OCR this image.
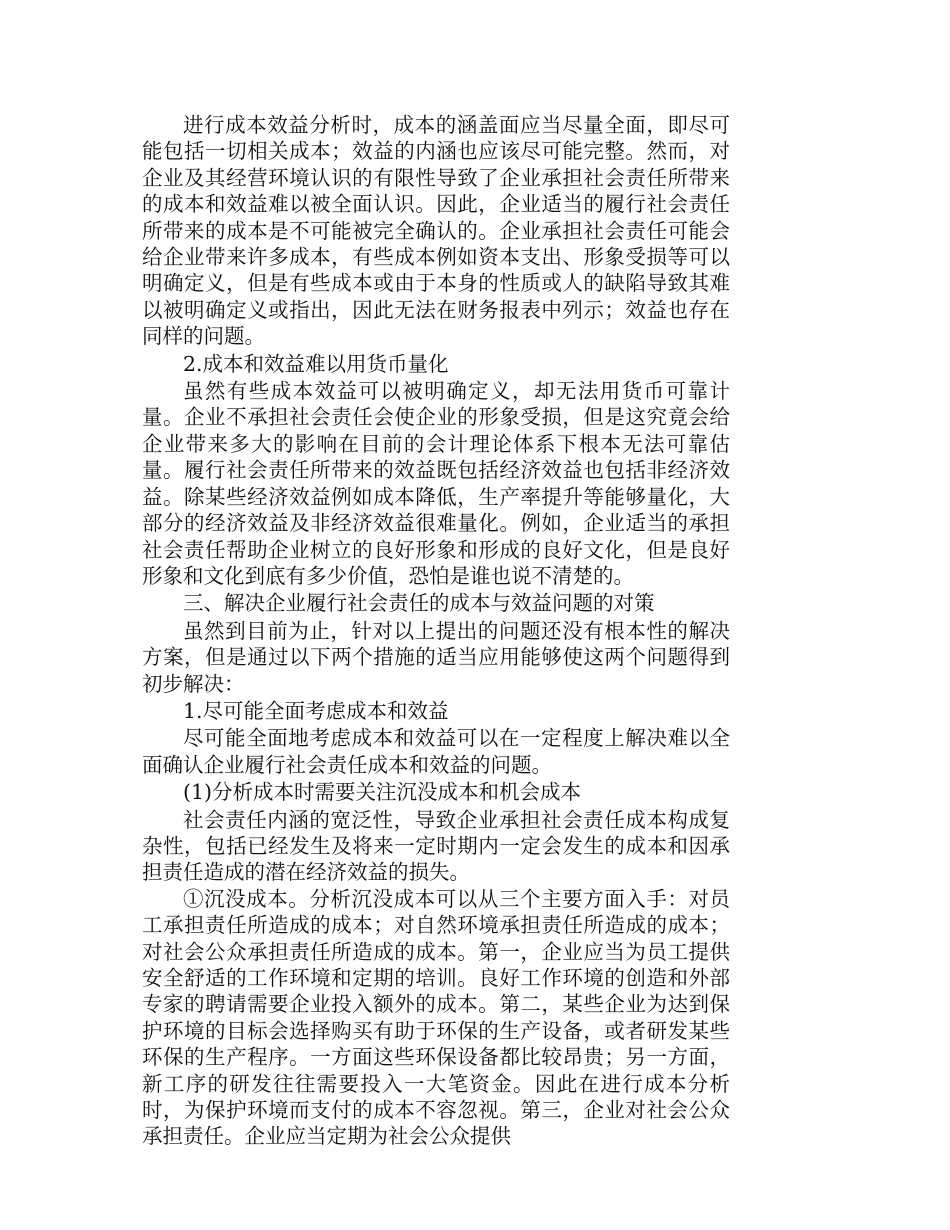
进行成本效益分析时，成本的涵盖面应当尽量全面，即尽可能包括一切相关成本；效益的内涵也应该尽可能完整。然而，对企业及其经营环境认识的有限性导致了企业承担社会责任所带来的成本和效益难以被全面认识。因此，企业适当的履行社会责任所带来的成本是不可能被完全确认的。企业承担社会责任可能会给企业带来许多成本，有些成本例如资本支出、形象受损等可以明确定义，但是有些成本或由于本身的性质或人的缺陷导致其难以被明确定义或指出，因此无法在财务报表中列示；效益也存在同样的问题。

2.成本和效益难以用货币量化

虽然有些成本效益可以被明确定义，却无法用货币可靠计量。企业不承担社会责任会使企业的形象受损，但是这究竟会给企业带来多大的影响在目前的会计理论体系下根本无法可靠估量。履行社会责任所带来的效益既包括经济效益也包括非经济效益。除某些经济效益例如成本降低，生产率提升等能够量化，大部分的经济效益及非经济效益很难量化。例如，企业适当的承担社会责任帮助企业树立的良好形象和形成的良好文化，但是良好形象和文化到底有多少价值，恐怕是谁也说不清楚的。

三、解决企业履行社会责任的成本与效益问题的对策

虽然到目前为止，针对以上提出的问题还没有根本性的解决方案，但是通过以下两个措施的适当应用能够使这两个问题得到初步解决：

1.尽可能全面考虑成本和效益

尽可能全面地考虑成本和效益可以在一定程度上解决难以全面确认企业履行社会责任成本和效益的问题。

(1)分析成本时需要关注沉没成本和机会成本

社会责任内涵的宽泛性，导致企业承担社会责任成本构成复杂性，包括已经发生及将来一定时期内一定会发生的成本和因承担责任造成的潜在经济效益的损失。

①沉没成本。分析沉没成本可以从三个主要方面入手：对员工承担责任所造成的成本；对自然环境承担责任所造成的成本；对社会公众承担责任所造成的成本。第一，企业应当为员工提供安全舒适的工作环境和定期的培训。良好工作环境的创造和外部专家的聘请需要企业投入额外的成本。第二，某些企业为达到保护环境的目标会选择购买有助于环保的生产设备，或者研发某些环保的生产程序。一方面这些环保设备都比较昂贵；另一方面，新工序的研发往往需要投入一大笔资金。因此在进行成本分析时，为保护环境而支付的成本不容忽视。第三，企业对社会公众承担责任。企业应当定期为社会公众提供
